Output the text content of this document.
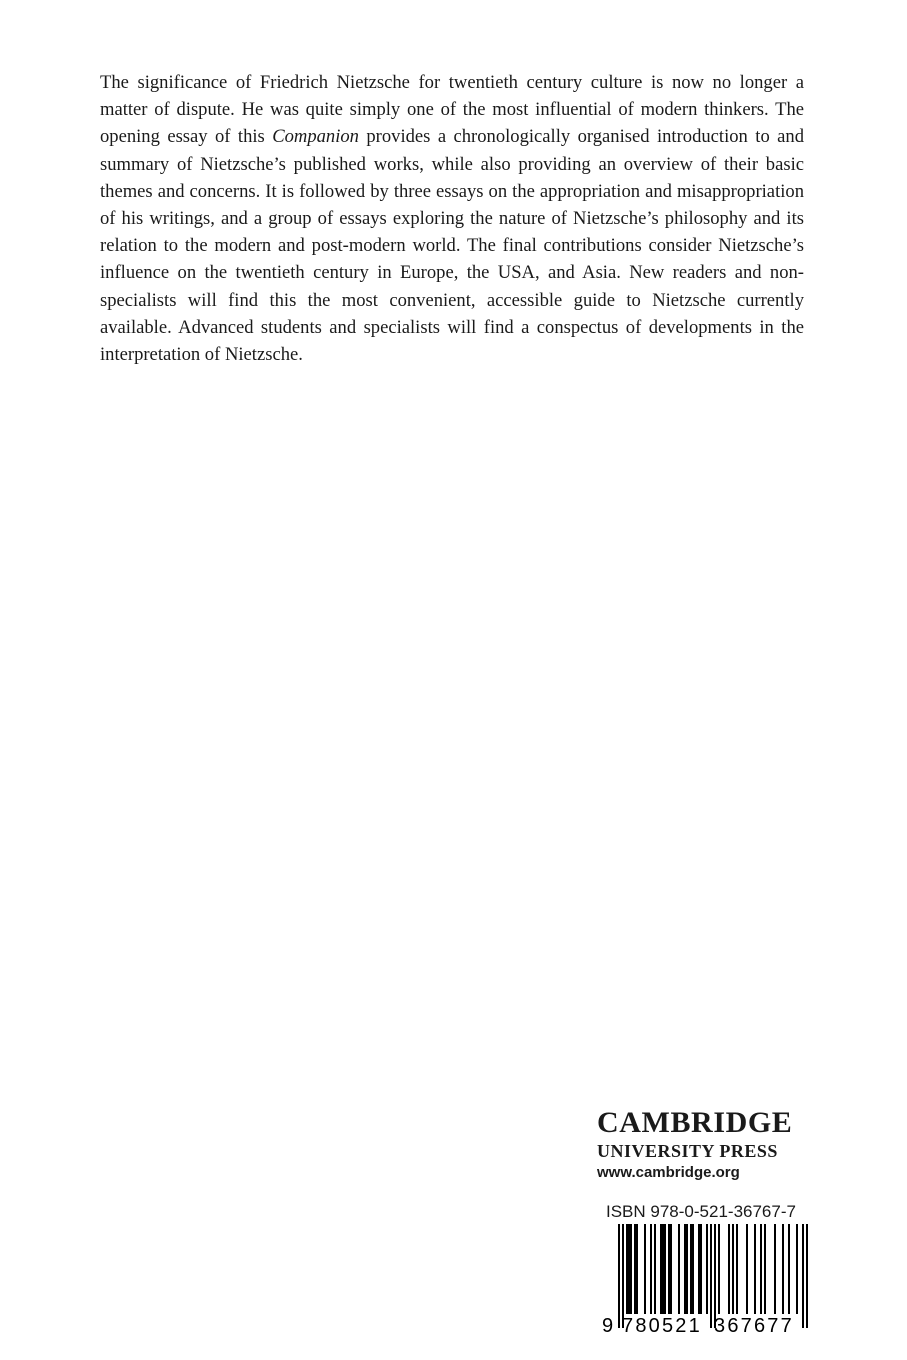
The significance of Friedrich Nietzsche for twentieth century culture is now no longer a matter of dispute. He was quite simply one of the most influential of modern thinkers. The opening essay of this Companion provides a chronologically organised introduction to and summary of Nietzsche’s published works, while also providing an overview of their basic themes and concerns. It is followed by three essays on the appropriation and misappropriation of his writings, and a group of essays exploring the nature of Nietzsche’s philosophy and its relation to the modern and post-modern world. The final contributions consider Nietzsche’s influence on the twentieth century in Europe, the USA, and Asia. New readers and non-specialists will find this the most convenient, accessible guide to Nietzsche currently available. Advanced students and specialists will find a conspectus of developments in the interpretation of Nietzsche.

CAMBRIDGE

UNIVERSITY PRESS

www.cambridge.org

ISBN 978-0-521-36767-7

9 780521 367677
